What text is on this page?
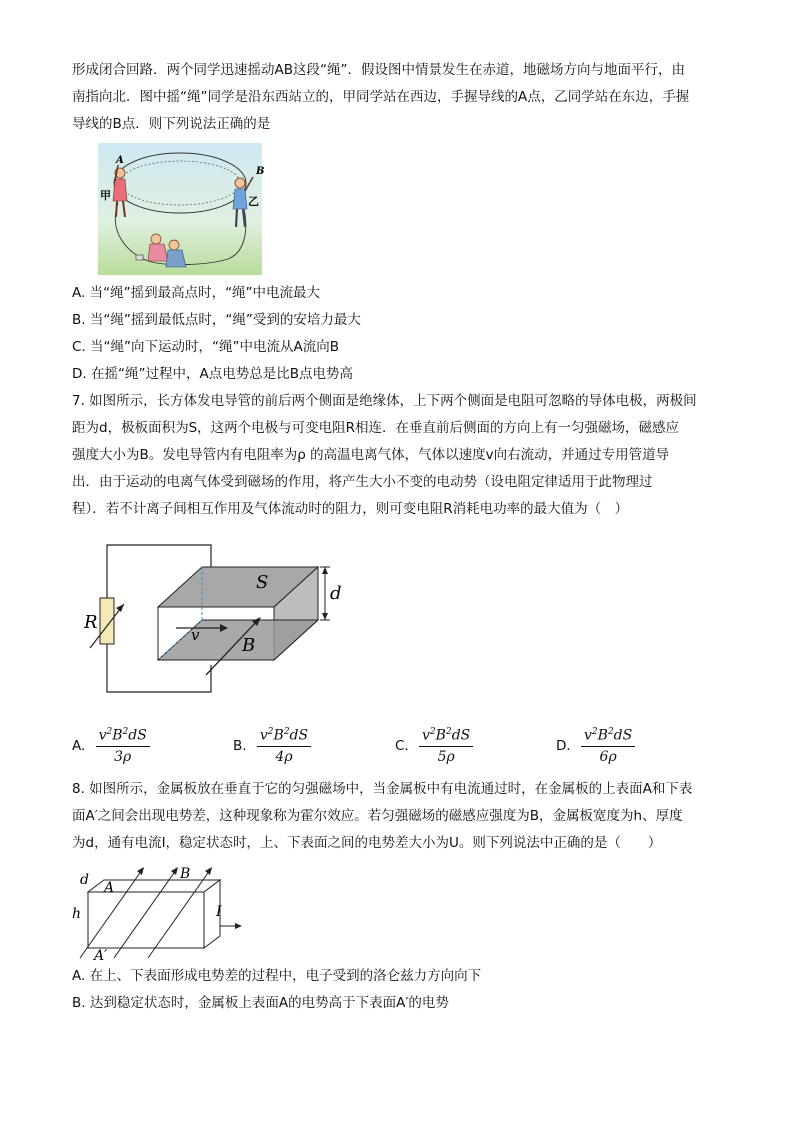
形成闭合回路．两个同学迅速摇动AB这段“绳”．假设图中情景发生在赤道，地磁场方向与地面平行，由
南指向北．图中摇“绳”同学是沿东西站立的，甲同学站在西边，手握导线的A点，乙同学站在东边，手握
导线的B点．则下列说法正确的是
A
B
甲	乙
A. 当“绳”摇到最高点时，“绳”中电流最大
B. 当“绳”摇到最低点时，“绳”受到的安培力最大
C. 当“绳”向下运动时，“绳”中电流从A流向B
D. 在摇“绳”过程中，A点电势总是比B点电势高
7. 如图所示，长方体发电导管的前后两个侧面是绝缘体，上下两个侧面是电阻可忽略的导体电极，两极间
距为d，极板面积为S，这两个电极与可变电阻R相连．在垂直前后侧面的方向上有一匀强磁场，磁感应
强度大小为B。发电导管内有电阻率为ρ 的高温电离气体，气体以速度v向右流动，并通过专用管道导
出．由于运动的电离气体受到磁场的作用，将产生大小不变的电动势（设电阻定律适用于此物理过
程）．若不计离子间相互作用及气体流动时的阻力，则可变电阻R消耗电功率的最大值为（　）
R
S
d
v B
A. $\frac{v^2B^2dS}{3\rho}$	B. $\frac{v^2B^2dS}{4\rho}$	C. $\frac{v^2B^2dS}{5\rho}$	D. $\frac{v^2B^2dS}{6\rho}$
8. 如图所示，金属板放在垂直于它的匀强磁场中，当金属板中有电流通过时，在金属板的上表面A和下表
面A′之间会出现电势差，这种现象称为霍尔效应。若匀强磁场的磁感应强度为B，金属板宽度为h、厚度
为d，通有电流I，稳定状态时，上、下表面之间的电势差大小为U。则下列说法中正确的是（　　）
d A
B
h	I
A′
A. 在上、下表面形成电势差的过程中，电子受到的洛仑兹力方向向下
B. 达到稳定状态时，金属板上表面A的电势高于下表面A′的电势
